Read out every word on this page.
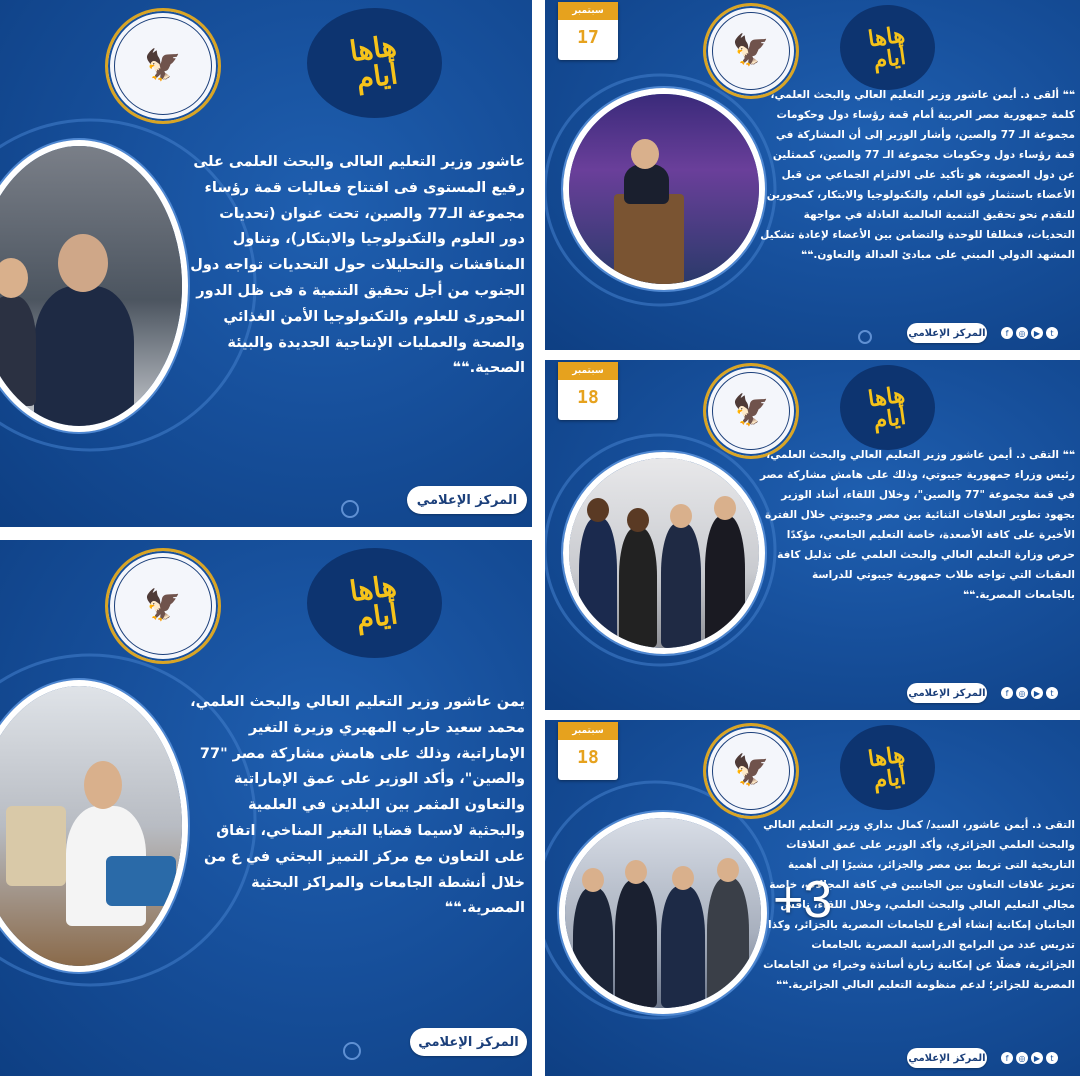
🦅	هاها أيام
عاشور وزير التعليم العالى والبحث العلمى على رفيع المستوى فى افتتاح فعاليات قمة رؤساء مجموعة الـ77 والصين، تحت عنوان (تحديات دور العلوم والتكنولوجيا والابتكار)، وتناول المناقشات والتحليلات حول التحديات تواجه دول الجنوب من أجل تحقيق التنمية ة فى ظل الدور المحورى للعلوم والتكنولوجيا الأمن الغذائي والصحة والعمليات الإنتاجية الجديدة والبيئة الصحية.❝❝
المركز الإعلامي
سبتمبر
17	🦅	هاها أيام
❝❝ ألقى د. أيمن عاشور وزير التعليم العالي والبحث العلمي، كلمة جمهورية مصر العربية أمام قمة رؤساء دول وحكومات مجموعة الـ 77 والصين، وأشار الوزير إلى أن المشاركة في قمة رؤساء دول وحكومات مجموعة الـ 77 والصين، كممثلين عن دول العضوية، هو تأكيد على الالتزام الجماعي من قبل الأعضاء باستثمار قوة العلم، والتكنولوجيا والابتكار، كمحورين للتقدم نحو تحقيق التنمية العالمية العادلة في مواجهة التحديات، فنطلقا للوحدة والتضامن بين الأعضاء لإعادة تشكيل المشهد الدولي المبني على مبادئ العدالة والتعاون.❝❝
المركز الإعلامي	f	◎	▶	t
سبتمبر
18	🦅	هاها أيام
❝❝ التقى د. أيمن عاشور وزير التعليم العالي والبحث العلمي، رئيس وزراء جمهورية جيبوتي، وذلك على هامش مشاركة مصر في قمة مجموعة "77 والصين"، وخلال اللقاء، أشاد الوزير بجهود تطوير العلاقات الثنائية بين مصر وجيبوتي خلال الفترة الأخيرة على كافة الأصعدة، خاصة التعليم الجامعي، مؤكدًا حرص وزارة التعليم العالي والبحث العلمي على تذليل كافة العقبات التي تواجه طلاب جمهورية جيبوتي للدراسة بالجامعات المصرية.❝❝
المركز الإعلامي	f	◎	▶	t
🦅	هاها أيام
يمن عاشور وزير التعليم العالي والبحث العلمي، محمد سعيد حارب المهيري وزيرة التغير الإماراتية، وذلك على هامش مشاركة مصر "77 والصين"، وأكد الوزير على عمق الإماراتية والتعاون المثمر بين البلدين في العلمية والبحثية لاسيما قضايا التغير المناخي، اتفاق على التعاون مع مركز التميز البحثي في ع من خلال أنشطة الجامعات والمراكز البحثية المصرية.❝❝
المركز الإعلامي
سبتمبر
18	🦅	هاها أيام
التقى د. أيمن عاشور، السيد/ كمال بداري وزير التعليم العالي والبحث العلمي الجزائري، وأكد الوزير على عمق العلاقات التاريخية التى تربط بين مصر والجزائر، مشيرًا إلى أهمية تعزيز علاقات التعاون بين الجانبين في كافة المجالات، خاصة مجالي التعليم العالي والبحث العلمي، وخلال اللقاء، ناقش الجانبان إمكانية إنشاء أفرع للجامعات المصرية بالجزائر، وكذا تدريس عدد من البرامج الدراسية المصرية بالجامعات الجزائرية، فضلًا عن إمكانية زيارة أساتذة وخبراء من الجامعات المصرية للجزائر؛ لدعم منظومة التعليم العالي الجزائرية.❝❝
المركز الإعلامي	f	◎	▶	t
+3
